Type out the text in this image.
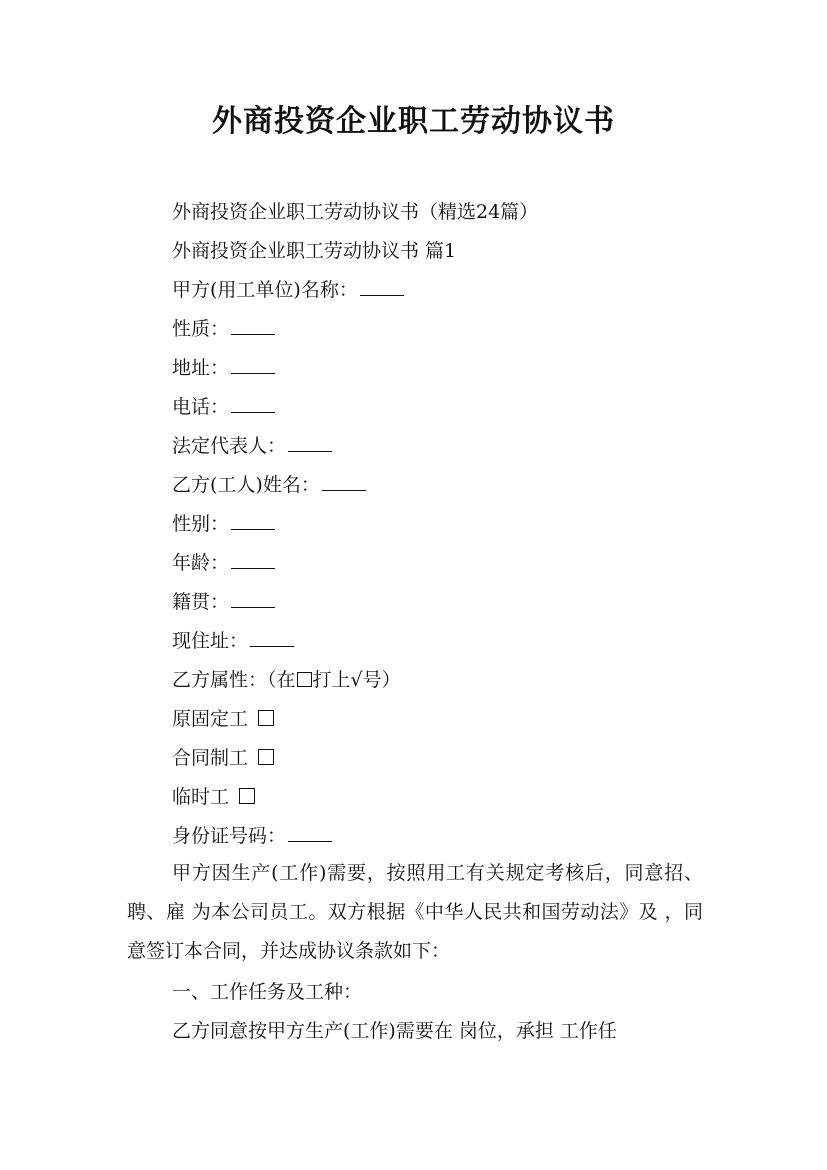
外商投资企业职工劳动协议书
外商投资企业职工劳动协议书（精选24篇）
外商投资企业职工劳动协议书 篇1
甲方(用工单位)名称：
性质：
地址：
电话：
法定代表人：
乙方(工人)姓名：
性别：
年龄：
籍贯：
现住址：
乙方属性：（在 打上√号）
原固定工
合同制工
临时工
身份证号码：
甲方因生产(工作)需要，按照用工有关规定考核后，同意招、聘、雇 为本公司员工。双方根据《中华人民共和国劳动法》及 ，同意签订本合同，并达成协议条款如下：
一、工作任务及工种：
乙方同意按甲方生产(工作)需要在 岗位，承担 工作任
